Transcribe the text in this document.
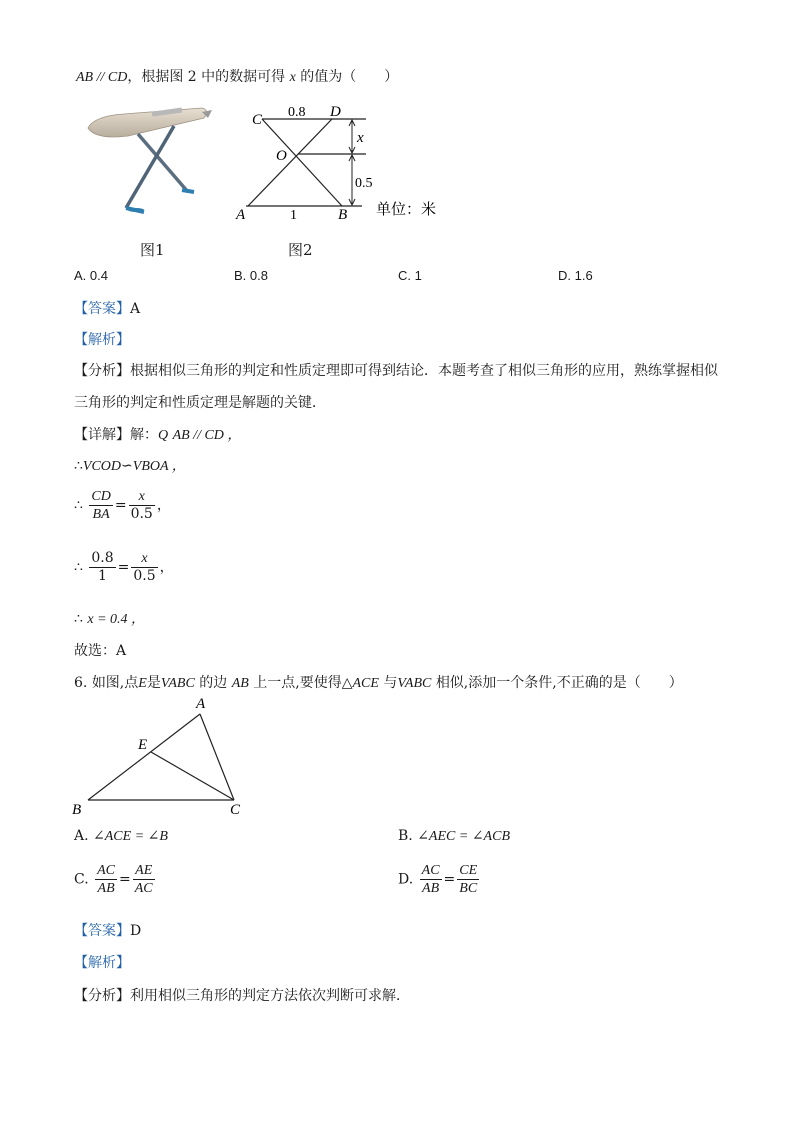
AB // CD，根据图 2 中的数据可得 x 的值为（　　）
C	D
O
A	B
0.8
x
0.5
1	单位：米
图1	图2
A. 0.4	B. 0.8	C. 1	D. 1.6
【答案】A
【解析】
【分析】根据相似三角形的判定和性质定理即可得到结论．本题考查了相似三角形的应用，熟练掌握相似
三角形的判定和性质定理是解题的关键．
【详解】解：Q AB // CD ，
∴VCOD∽VBOA ，
∴ $\frac{CD}{BA} = \frac{x}{0.5}$ ，
∴ $\frac{0.8}{1} = \frac{x}{0.5}$ ，
∴ x = 0.4 ，
故选：A
6. 如图,点E是VABC 的边 AB 上一点,要使得△ACE 与VABC 相似,添加一个条件,不正确的是（　　）
A
B	C
E
A. ∠ACE = ∠B	B. ∠AEC = ∠ACB
C. $\frac{AC}{AB} = \frac{AE}{AC}$	D. $\frac{AC}{AB} = \frac{CE}{BC}$
【答案】D
【解析】
【分析】利用相似三角形的判定方法依次判断可求解．
